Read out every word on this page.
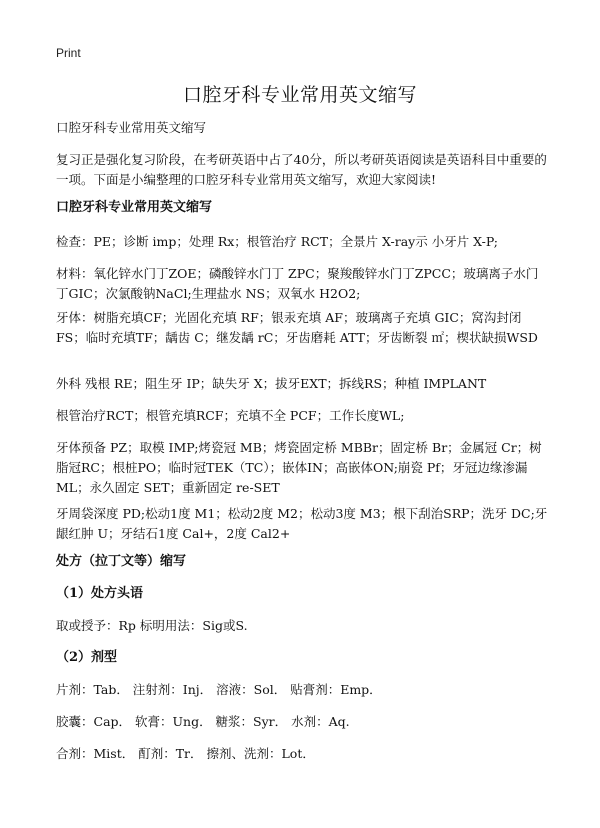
Print
口腔牙科专业常用英文缩写

口腔牙科专业常用英文缩写

复习正是强化复习阶段，在考研英语中占了40分，所以考研英语阅读是英语科目中重要的一项。下面是小编整理的口腔牙科专业常用英文缩写，欢迎大家阅读!

口腔牙科专业常用英文缩写

检查：PE；诊断 imp；处理 Rx；根管治疗 RCT；全景片 X-ray示 小牙片 X-P;

材料：氧化锌水门丁ZOE；磷酸锌水门丁 ZPC；聚羧酸锌水门丁ZPCC；玻璃离子水门丁GIC；次氯酸钠NaCl;生理盐水 NS；双氧水 H2O2;

牙体：树脂充填CF；光固化充填 RF；银汞充填 AF；玻璃离子充填 GIC；窝沟封闭 FS；临时充填TF；龋齿 C；继发龋 rC；牙齿磨耗 ATT；牙齿断裂 ㎡；楔状缺损WSD

外科 残根 RE；阻生牙 IP；缺失牙 X；拔牙EXT；拆线RS；种植 IMPLANT

根管治疗RCT；根管充填RCF；充填不全 PCF；工作长度WL;

牙体预备 PZ；取模 IMP;烤瓷冠 MB；烤瓷固定桥 MBBr；固定桥 Br；金属冠 Cr；树脂冠RC；根桩PO；临时冠TEK（TC）；嵌体IN；高嵌体ON;崩瓷 Pf；牙冠边缘渗漏ML；永久固定 SET；重新固定 re-SET

牙周袋深度 PD;松动1度 M1；松动2度 M2；松动3度 M3；根下刮治SRP；洗牙 DC;牙龈红肿 U；牙结石1度 Cal+，2度 Cal2+

处方（拉丁文等）缩写
（1）处方头语

取或授予：Rp 标明用法：Sig或S.

（2）剂型

片剂：Tab． 注射剂：Inj． 溶液：Sol． 贴膏剂：Emp．

胶囊：Cap． 软膏：Ung． 糖浆：Syr． 水剂：Aq.

合剂：Mist． 酊剂：Tr． 擦剂、洗剂：Lot．
